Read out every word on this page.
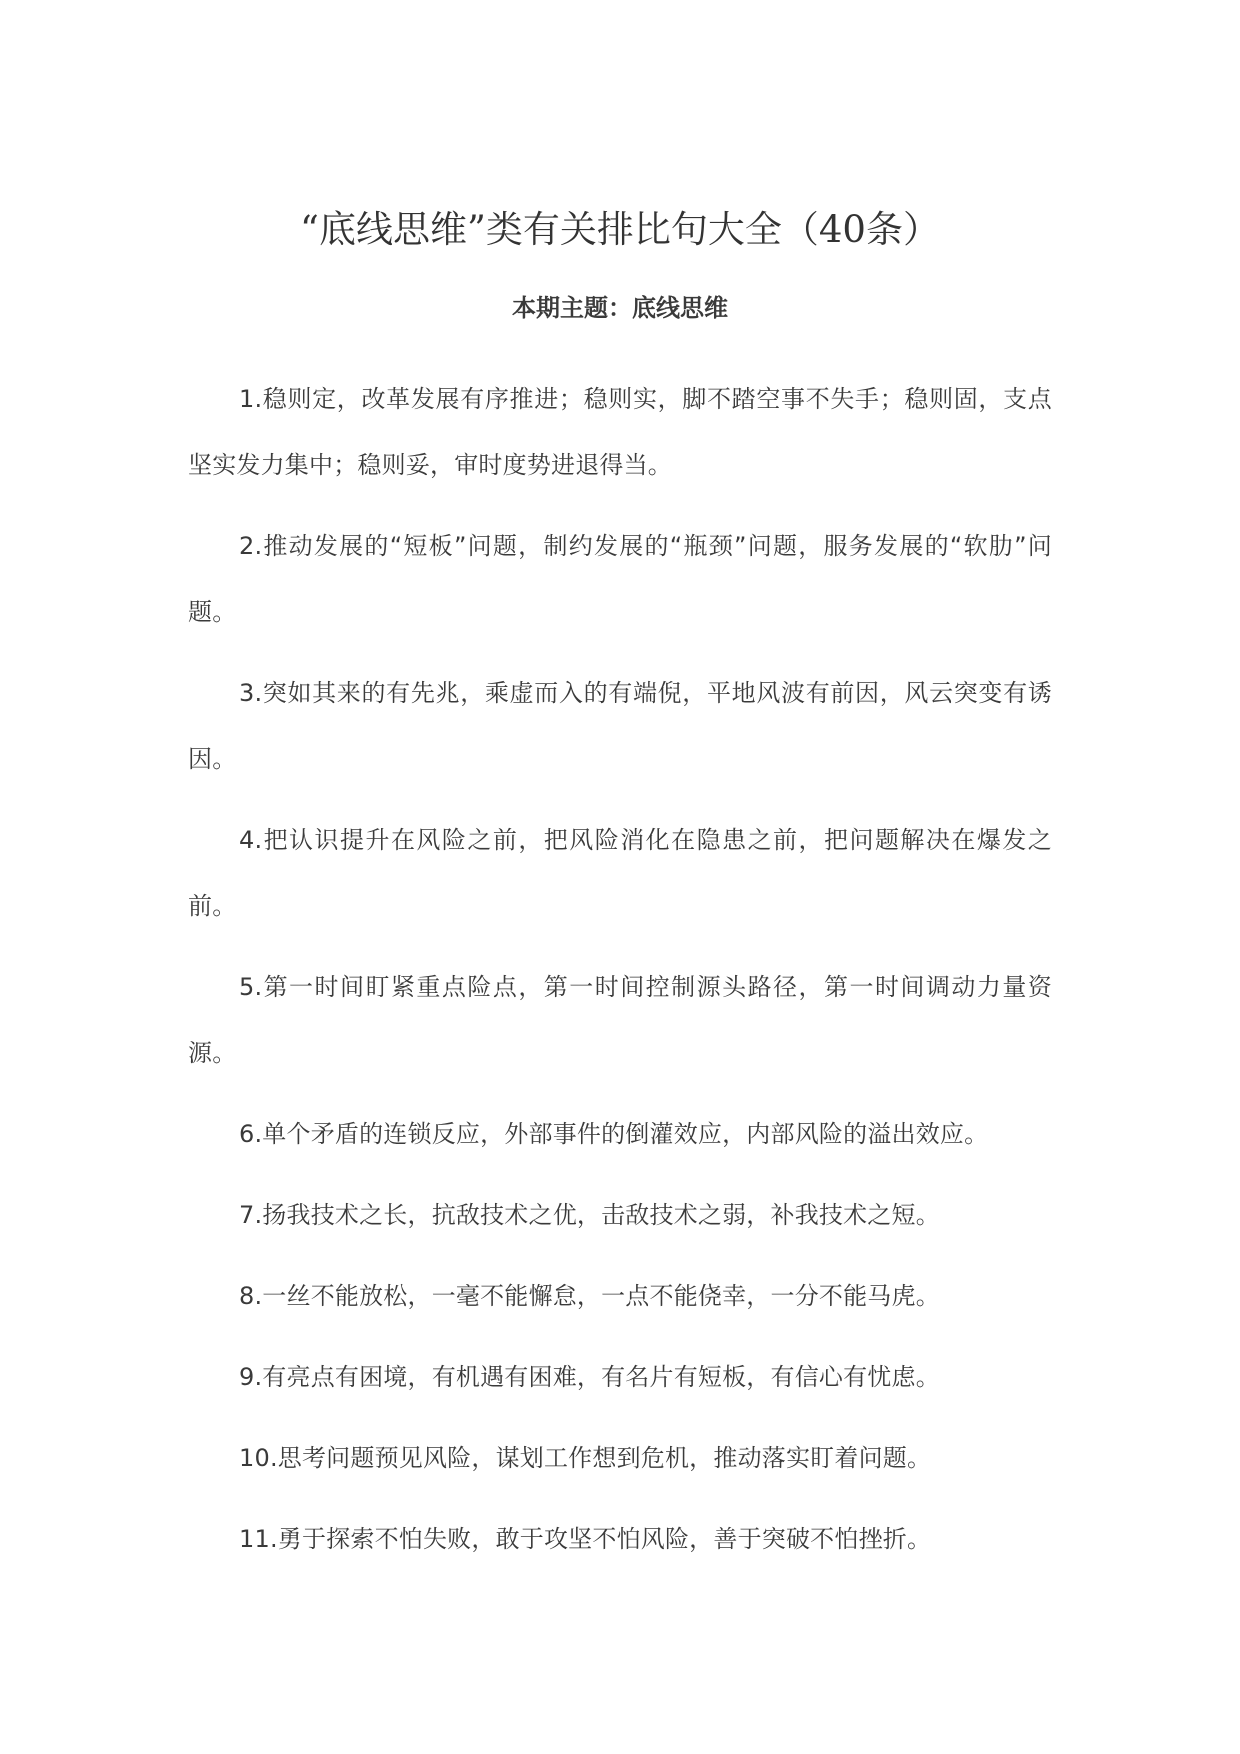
“底线思维”类有关排比句大全（40条）
本期主题：底线思维

1.稳则定，改革发展有序推进；稳则实，脚不踏空事不失手；稳则固，支点坚实发力集中；稳则妥，审时度势进退得当。

2.推动发展的“短板”问题，制约发展的“瓶颈”问题，服务发展的“软肋”问题。

3.突如其来的有先兆，乘虚而入的有端倪，平地风波有前因，风云突变有诱因。

4.把认识提升在风险之前，把风险消化在隐患之前，把问题解决在爆发之前。

5.第一时间盯紧重点险点，第一时间控制源头路径，第一时间调动力量资源。

6.单个矛盾的连锁反应，外部事件的倒灌效应，内部风险的溢出效应。

7.扬我技术之长，抗敌技术之优，击敌技术之弱，补我技术之短。

8.一丝不能放松，一毫不能懈怠，一点不能侥幸，一分不能马虎。

9.有亮点有困境，有机遇有困难，有名片有短板，有信心有忧虑。

10.思考问题预见风险，谋划工作想到危机，推动落实盯着问题。

11.勇于探索不怕失败，敢于攻坚不怕风险，善于突破不怕挫折。
